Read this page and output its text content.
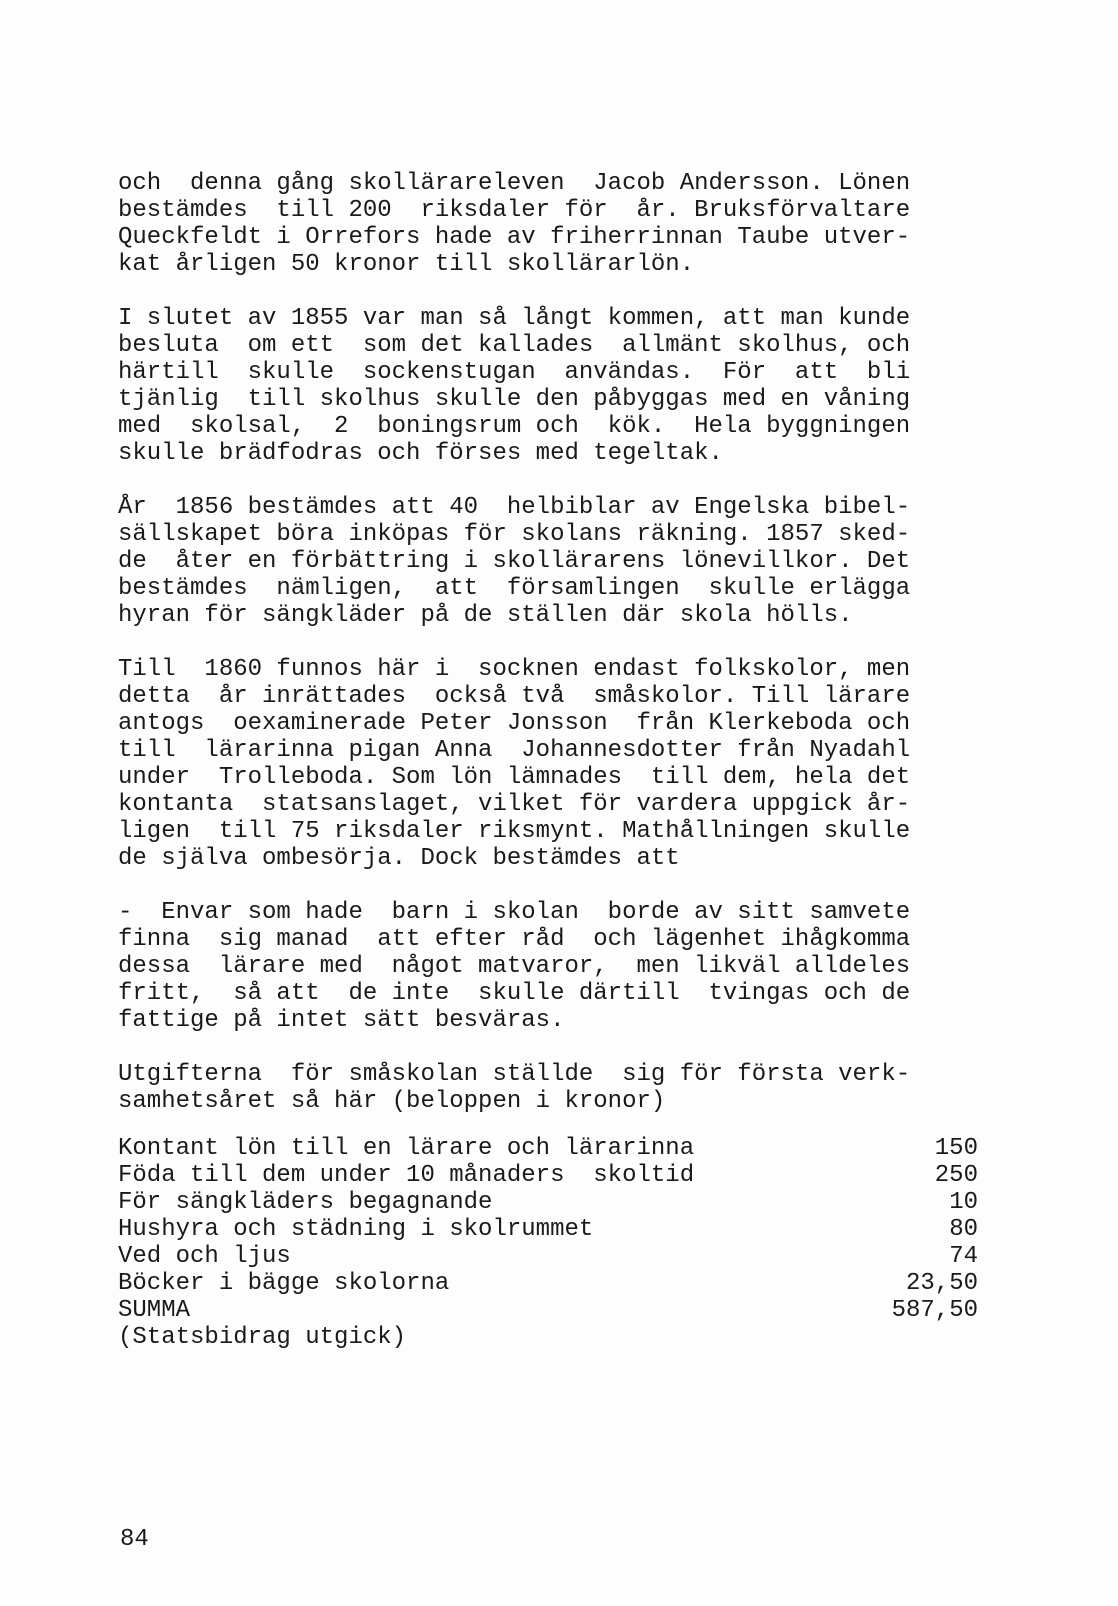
och  denna gång skollärareleven  Jacob Andersson. Lönen
bestämdes  till 200  riksdaler för  år. Bruksförvaltare
Queckfeldt i Orrefors hade av friherrinnan Taube utver-
kat årligen 50 kronor till skollärarlön.
I slutet av 1855 var man så långt kommen, att man kunde
besluta  om ett  som det kallades  allmänt skolhus, och
härtill  skulle  sockenstugan  användas.  För  att  bli
tjänlig  till skolhus skulle den påbyggas med en våning
med  skolsal,  2  boningsrum och  kök.  Hela byggningen
skulle brädfodras och förses med tegeltak.
År  1856 bestämdes att 40  helbiblar av Engelska bibel-
sällskapet böra inköpas för skolans räkning. 1857 sked-
de  åter en förbättring i skollärarens lönevillkor. Det
bestämdes  nämligen,  att  församlingen  skulle erlägga
hyran för sängkläder på de ställen där skola hölls.
Till  1860 funnos här i  socknen endast folkskolor, men
detta  år inrättades  också två  småskolor. Till lärare
antogs  oexaminerade Peter Jonsson  från Klerkeboda och
till  lärarinna pigan Anna  Johannesdotter från Nyadahl
under  Trolleboda. Som lön lämnades  till dem, hela det
kontanta  statsanslaget, vilket för vardera uppgick år-
ligen  till 75 riksdaler riksmynt. Mathållningen skulle
de själva ombesörja. Dock bestämdes att
-  Envar som hade  barn i skolan  borde av sitt samvete
finna  sig manad  att efter råd  och lägenhet ihågkomma
dessa  lärare med  något matvaror,  men likväl alldeles
fritt,  så att  de inte  skulle därtill  tvingas och de
fattige på intet sätt besväras.
Utgifterna  för småskolan ställde  sig för första verk-
samhetsåret så här (beloppen i kronor)
Kontant lön till en lärare och lärarinna	150
Föda till dem under 10 månaders  skoltid	250
För sängkläders begagnande	10
Hushyra och städning i skolrummet	80
Ved och ljus	74
Böcker i bägge skolorna	23,50
SUMMA	587,50
(Statsbidrag utgick)
84
